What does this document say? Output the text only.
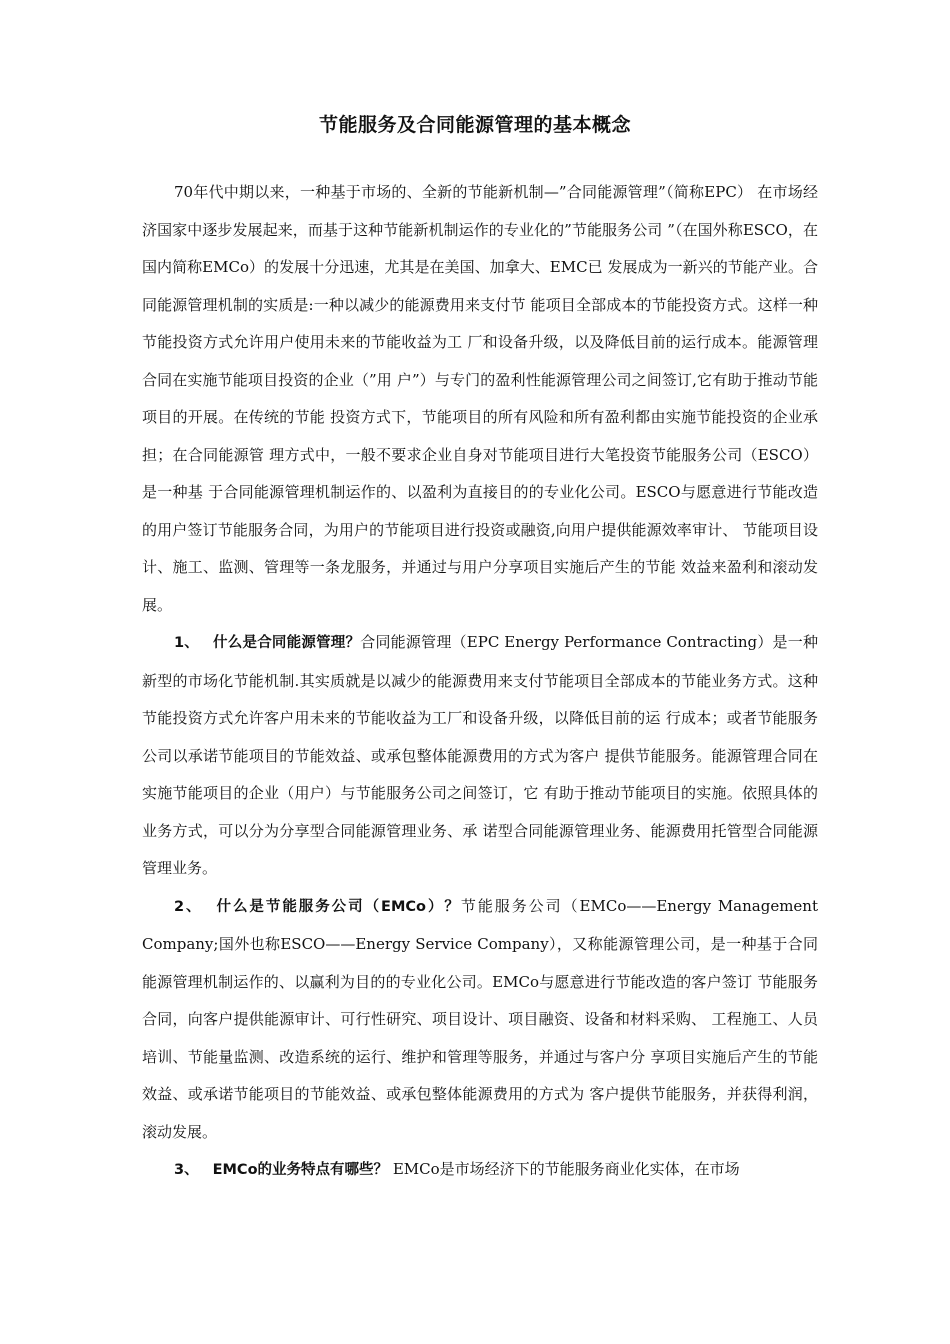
节能服务及合同能源管理的基本概念

70年代中期以来，一种基于市场的、全新的节能新机制—”合同能源管理”（简称EPC） 在市场经济国家中逐步发展起来，而基于这种节能新机制运作的专业化的”节能服务公司 ”（在国外称ESCO，在国内简称EMCo）的发展十分迅速，尤其是在美国、加拿大、EMC已 发展成为一新兴的节能产业。合同能源管理机制的实质是:一种以减少的能源费用来支付节 能项目全部成本的节能投资方式。这样一种节能投资方式允许用户使用未来的节能收益为工 厂和设备升级，以及降低目前的运行成本。能源管理合同在实施节能项目投资的企业（”用 户”）与专门的盈利性能源管理公司之间签订,它有助于推动节能项目的开展。在传统的节能 投资方式下，节能项目的所有风险和所有盈利都由实施节能投资的企业承担；在合同能源管 理方式中，一般不要求企业自身对节能项目进行大笔投资节能服务公司（ESCO）是一种基 于合同能源管理机制运作的、以盈利为直接目的的专业化公司。ESCO与愿意进行节能改造 的用户签订节能服务合同，为用户的节能项目进行投资或融资,向用户提供能源效率审计、 节能项目设计、施工、监测、管理等一条龙服务，并通过与用户分享项目实施后产生的节能 效益来盈利和滚动发展。

1、 什么是合同能源管理？合同能源管理（EPC Energy Performance Contracting）是一种新型的市场化节能机制.其实质就是以减少的能源费用来支付节能项目全部成本的节能业务方式。这种节能投资方式允许客户用未来的节能收益为工厂和设备升级，以降低目前的运 行成本；或者节能服务公司以承诺节能项目的节能效益、或承包整体能源费用的方式为客户 提供节能服务。能源管理合同在实施节能项目的企业（用户）与节能服务公司之间签订，它 有助于推动节能项目的实施。依照具体的业务方式，可以分为分享型合同能源管理业务、承 诺型合同能源管理业务、能源费用托管型合同能源管理业务。

2、 什么是节能服务公司（EMCo）？节能服务公司（EMCo——Energy Management Company;国外也称ESCO——Energy Service Company），又称能源管理公司，是一种基于合同 能源管理机制运作的、以赢利为目的的专业化公司。EMCo与愿意进行节能改造的客户签订 节能服务合同，向客户提供能源审计、可行性研究、项目设计、项目融资、设备和材料采购、 工程施工、人员培训、节能量监测、改造系统的运行、维护和管理等服务，并通过与客户分 享项目实施后产生的节能效益、或承诺节能项目的节能效益、或承包整体能源费用的方式为 客户提供节能服务，并获得利润，滚动发展。

3、 EMCo的业务特点有哪些？ EMCo是市场经济下的节能服务商业化实体，在市场
